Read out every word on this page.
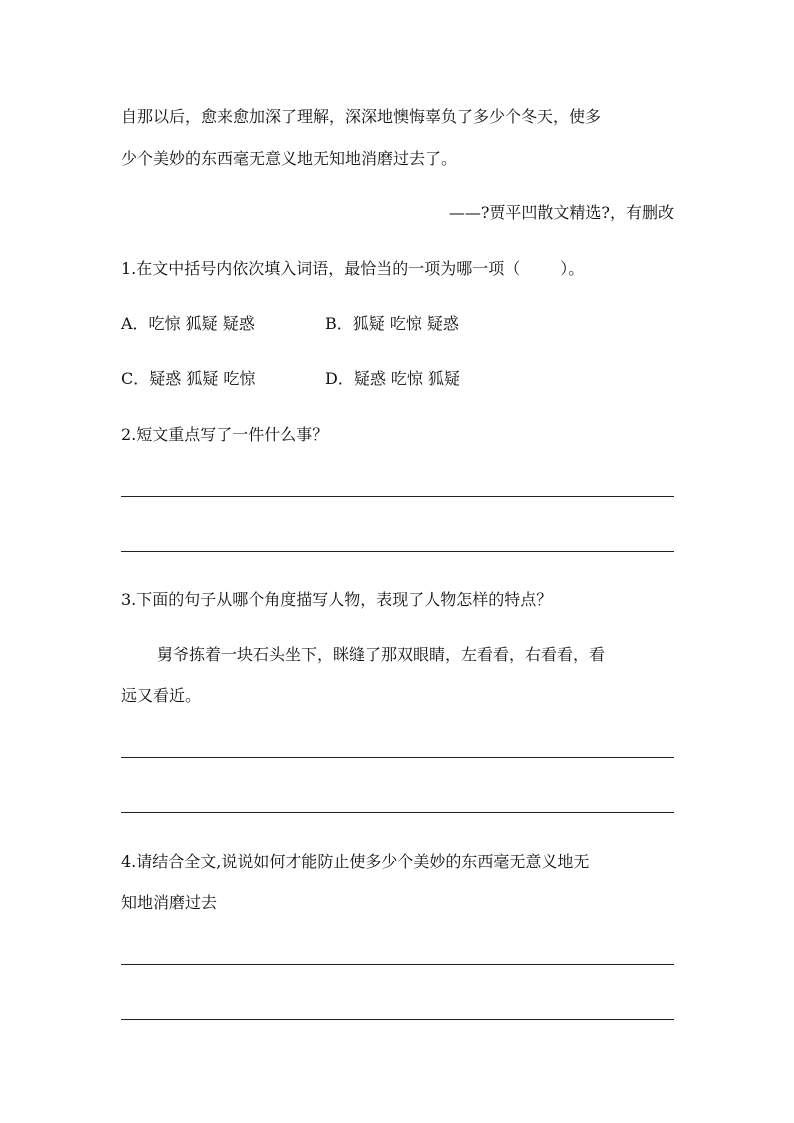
自那以后，愈来愈加深了理解，深深地懊悔辜负了多少个冬天，使多
少个美妙的东西毫无意义地无知地消磨过去了。
——?贾平凹散文精选?，有删改
1.在文中括号内依次填入词语，最恰当的一项为哪一项（	）。
A．吃惊 狐疑 疑惑	B．狐疑 吃惊 疑惑
C．疑惑 狐疑 吃惊	D．疑惑 吃惊 狐疑
2.短文重点写了一件什么事？
3.下面的句子从哪个角度描写人物，表现了人物怎样的特点？
舅爷拣着一块石头坐下，眯缝了那双眼睛，左看看，右看看，看
远又看近。
4.请结合全文,说说如何才能防止使多少个美妙的东西毫无意义地无
知地消磨过去
